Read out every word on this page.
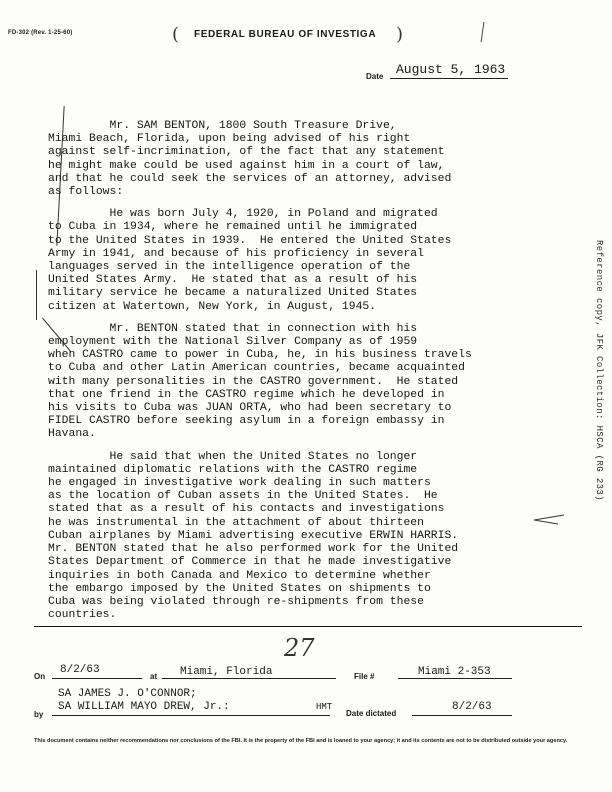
FD-302 (Rev. 1-25-60)	( FEDERAL BUREAU OF INVESTIGA )
Date August 5, 1963

Mr. SAM BENTON, 1800 South Treasure Drive,
Miami Beach, Florida, upon being advised of his right
against self-incrimination, of the fact that any statement
he might make could be used against him in a court of law,
and that he could seek the services of an attorney, advised
as follows:

He was born July 4, 1920, in Poland and migrated
to Cuba in 1934, where he remained until he immigrated
to the United States in 1939.  He entered the United States
Army in 1941, and because of his proficiency in several
languages served in the intelligence operation of the
United States Army.  He stated that as a result of his
military service he became a naturalized United States
citizen at Watertown, New York, in August, 1945.

Mr. BENTON stated that in connection with his
employment with the National Silver Company as of 1959
when CASTRO came to power in Cuba, he, in his business travels
to Cuba and other Latin American countries, became acquainted
with many personalities in the CASTRO government.  He stated
that one friend in the CASTRO regime which he developed in
his visits to Cuba was JUAN ORTA, who had been secretary to
FIDEL CASTRO before seeking asylum in a foreign embassy in
Havana.

He said that when the United States no longer
maintained diplomatic relations with the CASTRO regime
he engaged in investigative work dealing in such matters
as the location of Cuban assets in the United States.  He
stated that as a result of his contacts and investigations
he was instrumental in the attachment of about thirteen
Cuban airplanes by Miami advertising executive ERWIN HARRIS.
Mr. BENTON stated that he also performed work for the United
States Department of Commerce in that he made investigative
inquiries in both Canada and Mexico to determine whether
the embargo imposed by the United States on shipments to
Cuba was being violated through re-shipments from these
countries.

Reference copy, JFK Collection: HSCA (RG 233)
27
On
8/2/63
at Miami, Florida	File #	Miami 2-353
SA JAMES J. O'CONNOR;
by
SA WILLIAM MAYO DREW, Jr.:	HMT
Date dictated
8/2/63
This document contains neither recommendations nor conclusions of the FBI. It is the property of the FBI and is loaned to your agency; it and its contents are not to be distributed outside your agency.
